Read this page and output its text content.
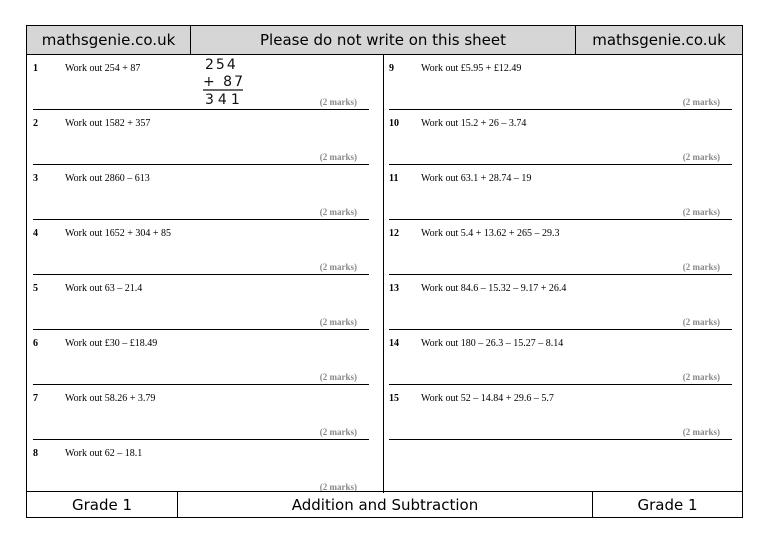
mathsgenie.co.uk	Please do not write on this sheet	mathsgenie.co.uk
1	Work out 254 + 87
(2 marks)
2	Work out 1582 + 357
(2 marks)
3	Work out 2860 – 613
(2 marks)
4	Work out 1652 + 304 + 85
(2 marks)
5	Work out 63 – 21.4
(2 marks)
6	Work out £30 – £18.49
(2 marks)
7	Work out 58.26 + 3.79
(2 marks)
8	Work out 62 – 18.1
(2 marks)
254
+ 87
341
9	Work out £5.95 + £12.49
(2 marks)
10 Work out 15.2 + 26 – 3.74
(2 marks)
11 Work out 63.1 + 28.74 – 19
(2 marks)
12 Work out 5.4 + 13.62 + 265 – 29.3
(2 marks)
13 Work out 84.6 – 15.32 – 9.17 + 26.4
(2 marks)
14 Work out 180 – 26.3 – 15.27 – 8.14
(2 marks)
15 Work out 52 – 14.84 + 29.6 – 5.7
(2 marks)
Grade 1	Addition and Subtraction	Grade 1
